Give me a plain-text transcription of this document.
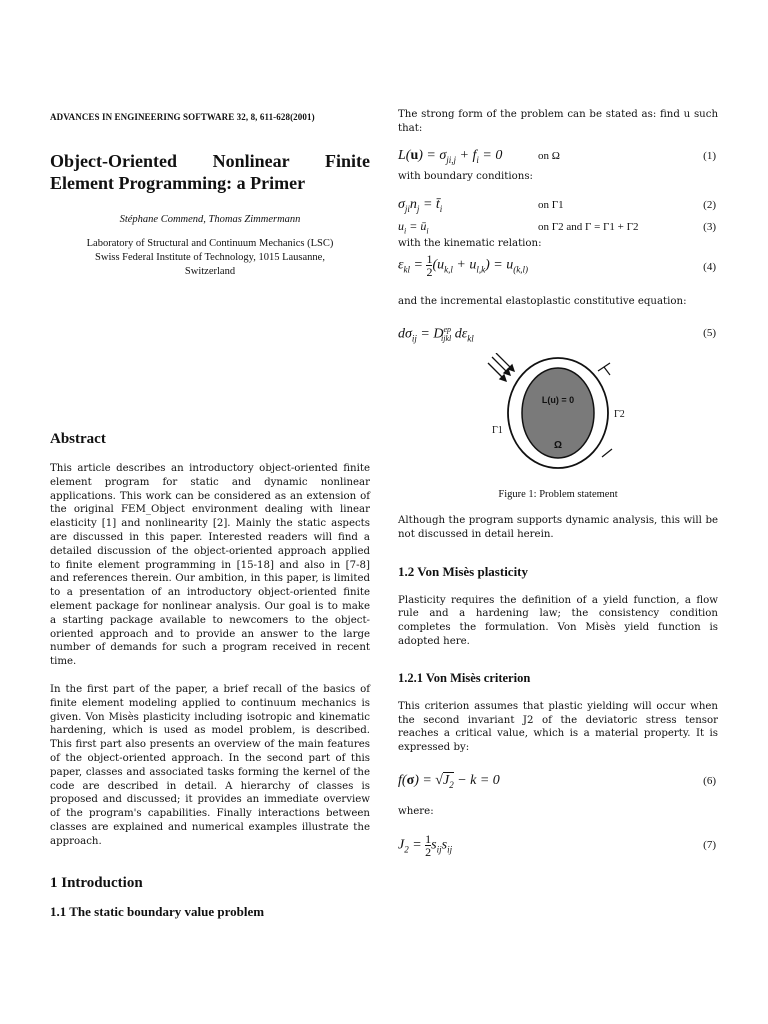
ADVANCES IN ENGINEERING SOFTWARE 32, 8, 611-628(2001)
Object-Oriented Nonlinear Finite
Element Programming: a Primer
Stéphane Commend, Thomas Zimmermann
Laboratory of Structural and Continuum Mechanics (LSC)
Swiss Federal Institute of Technology, 1015 Lausanne,
Switzerland
Abstract

This article describes an introductory object-oriented finite element program for static and dynamic nonlinear applications. This work can be considered as an extension of the original FEM_Object environment dealing with linear elasticity [1] and nonlinearity [2]. Mainly the static aspects are discussed in this paper. Interested readers will find a detailed discussion of the object-oriented approach applied to finite element programming in [15-18] and also in [7-8] and references therein. Our ambition, in this paper, is limited to a presentation of an introductory object-oriented finite element package for nonlinear analysis. Our goal is to make a starting package available to newcomers to the object-oriented approach and to provide an answer to the large number of demands for such a program received in recent time.

In the first part of the paper, a brief recall of the basics of finite element modeling applied to continuum mechanics is given. Von Misès plasticity including isotropic and kinematic hardening, which is used as model problem, is described. This first part also presents an overview of the main features of the object-oriented approach. In the second part of this paper, classes and associated tasks forming the kernel of the code are described in detail. A hierarchy of classes is proposed and discussed; it provides an immediate overview of the program's capabilities. Finally interactions between classes are explained and numerical examples illustrate the approach.

1 Introduction
1.1 The static boundary value problem

The strong form of the problem can be stated as: find u such that:

$L(u) = \sigma_{ji,j} + f_i = 0$	on Ω	(1)

with boundary conditions:

$\sigma_{ji}n_j$ = $t̄_i$	on Γ1	(2)
$u_i$ = $ū_i$	on Γ2 and Γ = Γ1 + Γ2	(3)

with the kinematic relation:

$\varepsilon_{kl} = 1$

2 $(u_{k,l} + u_{l,k}) = u_{(k,l)}$	(4)

and the incremental elastoplastic constitutive equation:

$d\sigma_{ij} = D^{ep}_{ijkl}$ $d\varepsilon_{kl}$	(5)
L(u) = 0
Ω
Γ1
Γ2
Figure 1: Problem statement

Although the program supports dynamic analysis, this will be not discussed in detail herein.

1.2 Von Misès plasticity

Plasticity requires the definition of a yield function, a flow rule and a hardening law; the consistency condition completes the formulation. Von Misès yield function is adopted here.

1.2.1 Von Misès criterion

This criterion assumes that plastic yielding will occur when the second invariant J2 of the deviatoric stress tensor reaches a critical value, which is a material property. It is expressed by:

$f(\sigma) = √J_2 - k = 0$	(6)

where:

$J_2 = 1$

2 $s_{ij}s_{ij}$	(7)
